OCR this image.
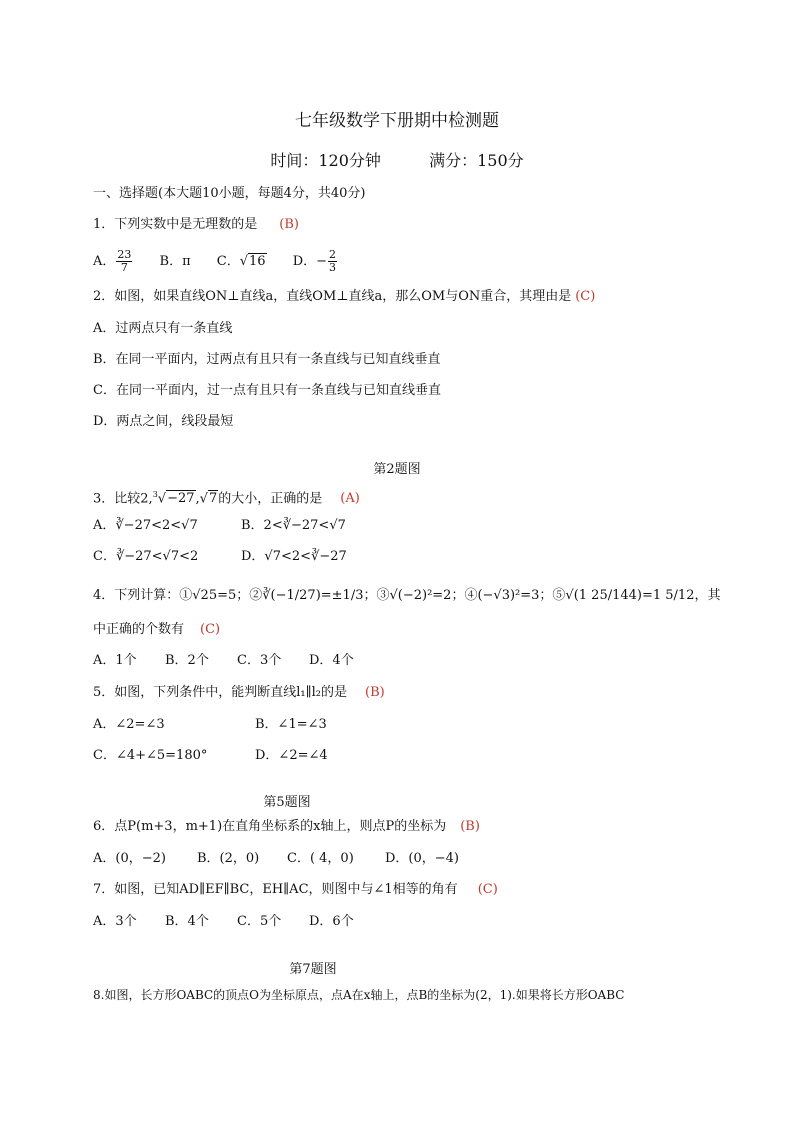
七年级数学下册期中检测题
时间：120分钟	满分：150分
一、选择题(本大题10小题，每题4分，共40分)
1．下列实数中是无理数的是 (B)
A． $\frac{23}{7}$ B．π C．√16 D．− $\frac{2}{3}$
2．如图，如果直线ON⊥直线a，直线OM⊥直线a，那么OM与ON重合，其理由是 (C)
A．过两点只有一条直线
B．在同一平面内，过两点有且只有一条直线与已知直线垂直
C．在同一平面内，过一点有且只有一条直线与已知直线垂直
D．两点之间，线段最短
第2题图
3．比较2,$^3$√−27,√7的大小，正确的是 (A)
A．∛−27<2<√7	B．2<∛−27<√7
C．∛−27<√7<2	D．√7<2<∛−27
4．下列计算：①√25=5；②∛(−1/27)=±1/3；③√(−2)²=2；④(−√3)²=3；⑤√(1 25/144)=1 5/12，其
中正确的个数有 (C)
A．1个 B．2个 C．3个 D．4个
5．如图，下列条件中，能判断直线l₁∥l₂的是 (B)
A．∠2=∠3	B．∠1=∠3
C．∠4+∠5=180°	D．∠2=∠4
第5题图
6．点P(m+3，m+1)在直角坐标系的x轴上，则点P的坐标为 (B)
A．(0，−2) B．(2，0) C．( 4，0) D．(0，−4)
7．如图，已知AD∥EF∥BC，EH∥AC，则图中与∠1相等的角有 (C)
A．3个 B．4个 C．5个 D．6个
第7题图
8.如图，长方形OABC的顶点O为坐标原点，点A在x轴上，点B的坐标为(2，1).如果将长方形OABC
